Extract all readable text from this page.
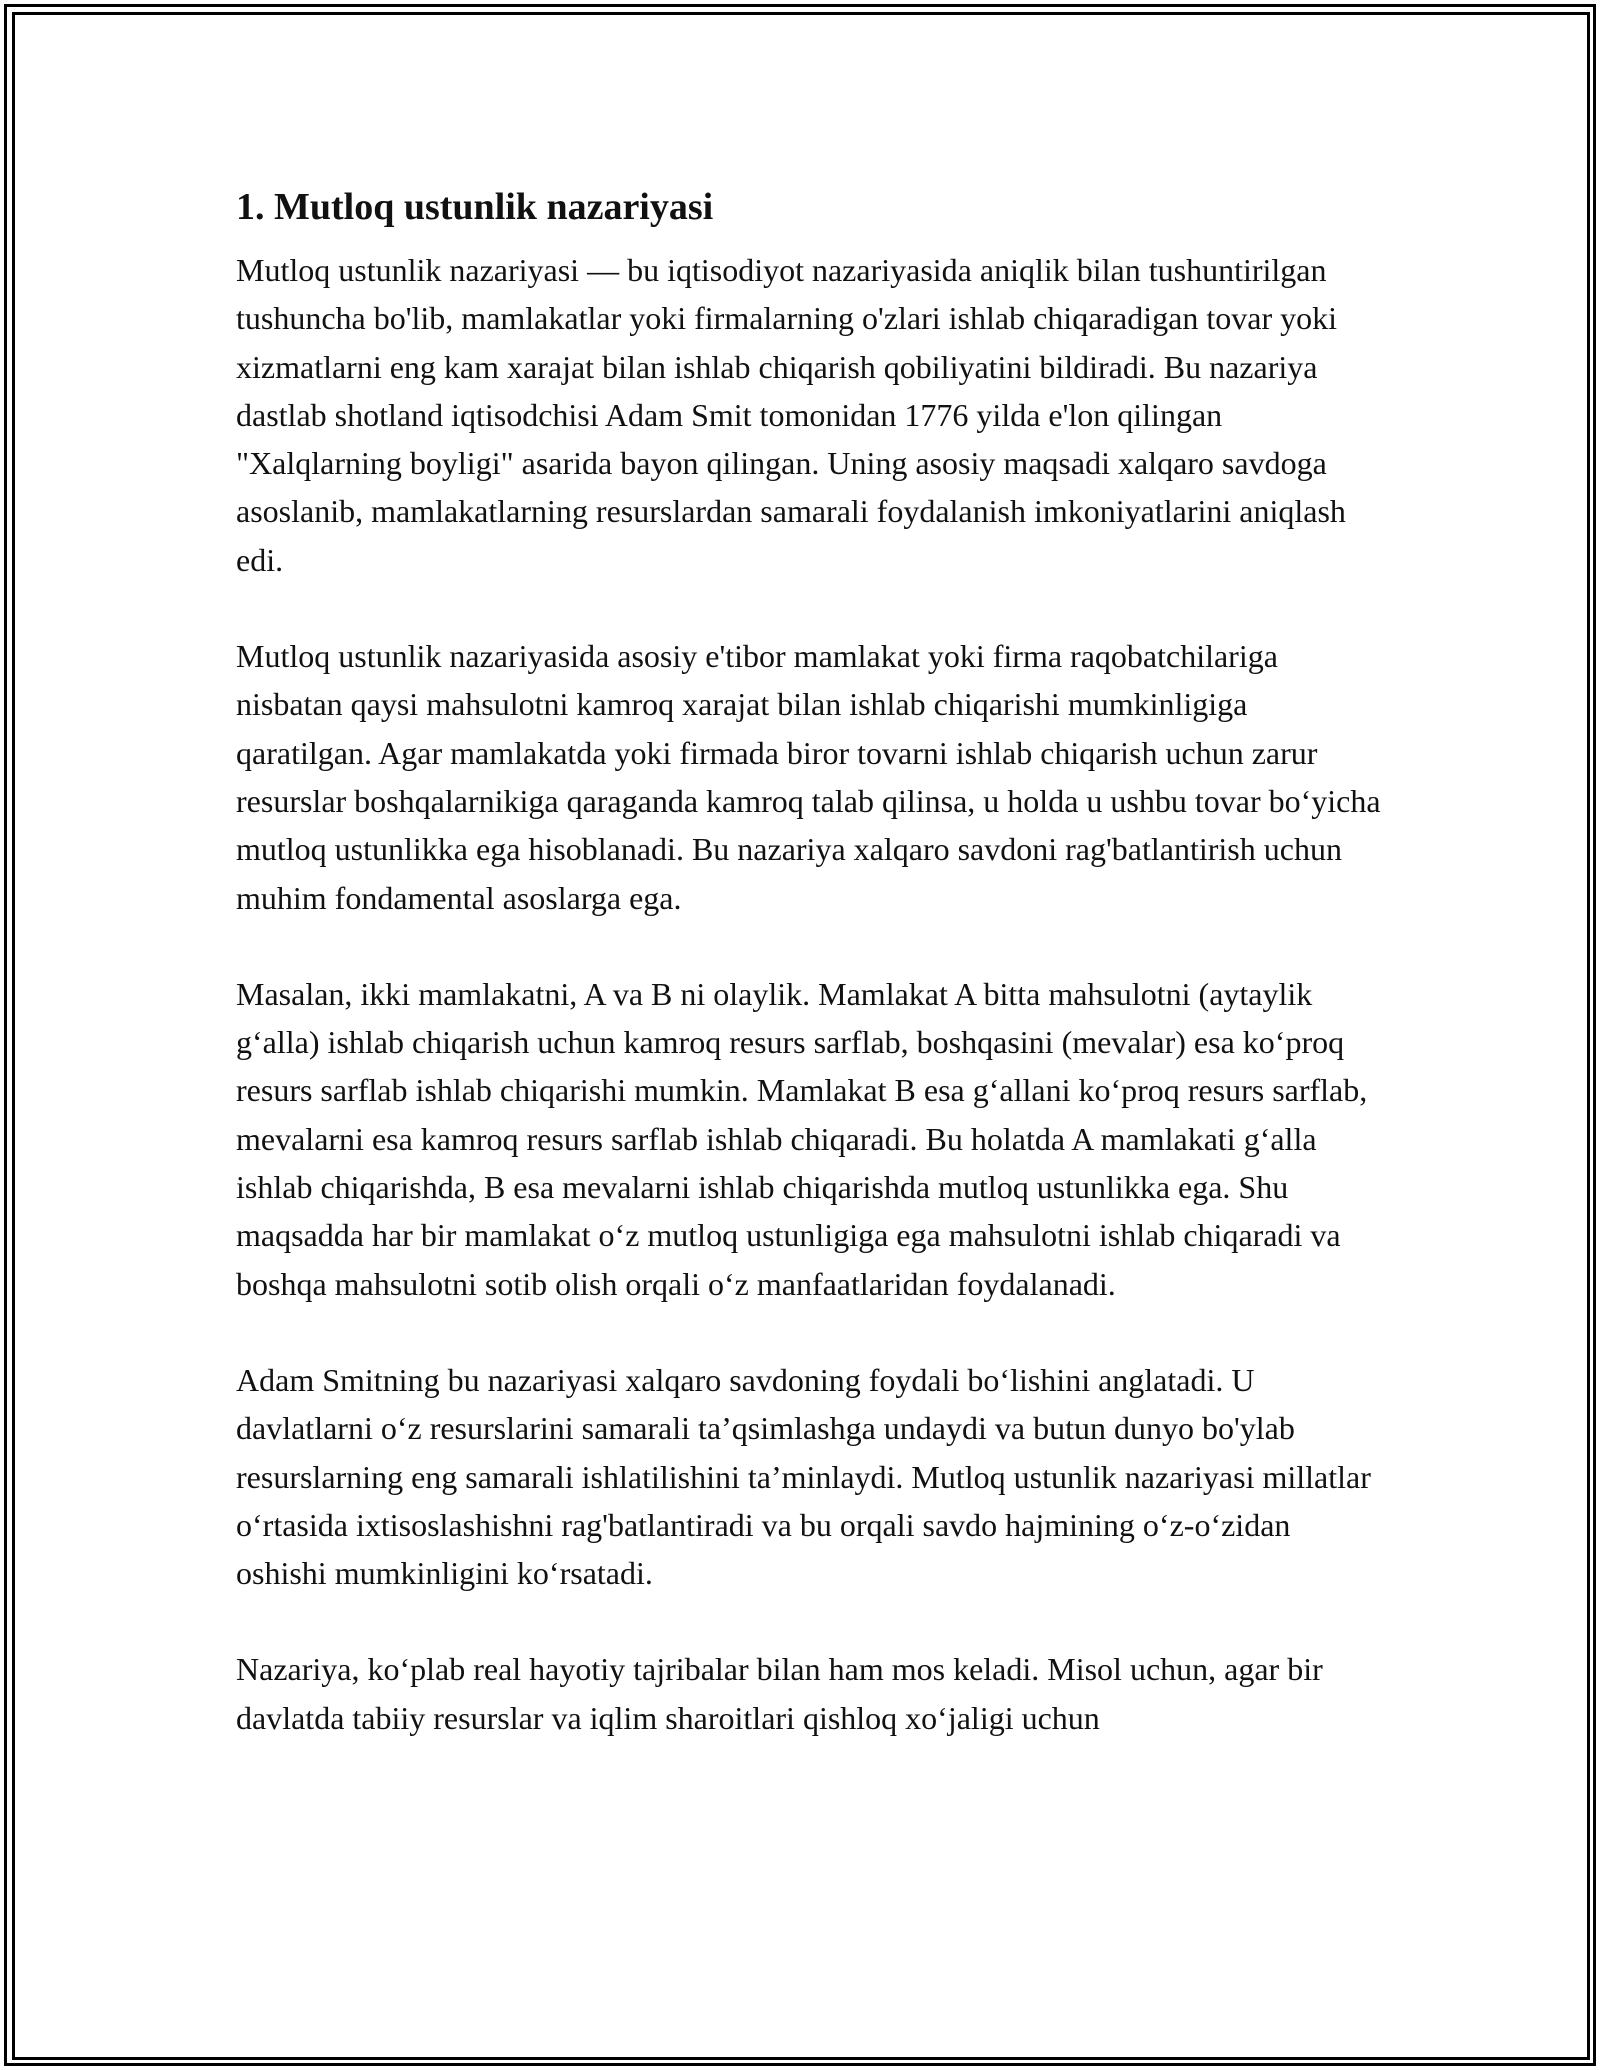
1. Mutloq ustunlik nazariyasi

Mutloq ustunlik nazariyasi — bu iqtisodiyot nazariyasida aniqlik bilan tushuntirilgan tushuncha bo'lib, mamlakatlar yoki firmalarning o'zlari ishlab chiqaradigan tovar yoki xizmatlarni eng kam xarajat bilan ishlab chiqarish qobiliyatini bildiradi. Bu nazariya dastlab shotland iqtisodchisi Adam Smit tomonidan 1776 yilda e'lon qilingan "Xalqlarning boyligi" asarida bayon qilingan. Uning asosiy maqsadi xalqaro savdoga asoslanib, mamlakatlarning resurslardan samarali foydalanish imkoniyatlarini aniqlash edi.

Mutloq ustunlik nazariyasida asosiy e'tibor mamlakat yoki firma raqobatchilariga nisbatan qaysi mahsulotni kamroq xarajat bilan ishlab chiqarishi mumkinligiga qaratilgan. Agar mamlakatda yoki firmada biror tovarni ishlab chiqarish uchun zarur resurslar boshqalarnikiga qaraganda kamroq talab qilinsa, u holda u ushbu tovar bo‘yicha mutloq ustunlikka ega hisoblanadi. Bu nazariya xalqaro savdoni rag'batlantirish uchun muhim fondamental asoslarga ega.

Masalan, ikki mamlakatni, A va B ni olaylik. Mamlakat A bitta mahsulotni (aytaylik g‘alla) ishlab chiqarish uchun kamroq resurs sarflab, boshqasini (mevalar) esa ko‘proq resurs sarflab ishlab chiqarishi mumkin. Mamlakat B esa g‘allani ko‘proq resurs sarflab, mevalarni esa kamroq resurs sarflab ishlab chiqaradi. Bu holatda A mamlakati g‘alla ishlab chiqarishda, B esa mevalarni ishlab chiqarishda mutloq ustunlikka ega. Shu maqsadda har bir mamlakat o‘z mutloq ustunligiga ega mahsulotni ishlab chiqaradi va boshqa mahsulotni sotib olish orqali o‘z manfaatlaridan foydalanadi.

Adam Smitning bu nazariyasi xalqaro savdoning foydali bo‘lishini anglatadi. U davlatlarni o‘z resurslarini samarali ta’qsimlashga undaydi va butun dunyo bo'ylab resurslarning eng samarali ishlatilishini ta’minlaydi. Mutloq ustunlik nazariyasi millatlar o‘rtasida ixtisoslashishni rag'batlantiradi va bu orqali savdo hajmining o‘z-o‘zidan oshishi mumkinligini ko‘rsatadi.

Nazariya, ko‘plab real hayotiy tajribalar bilan ham mos keladi. Misol uchun, agar bir davlatda tabiiy resurslar va iqlim sharoitlari qishloq xo‘jaligi uchun
